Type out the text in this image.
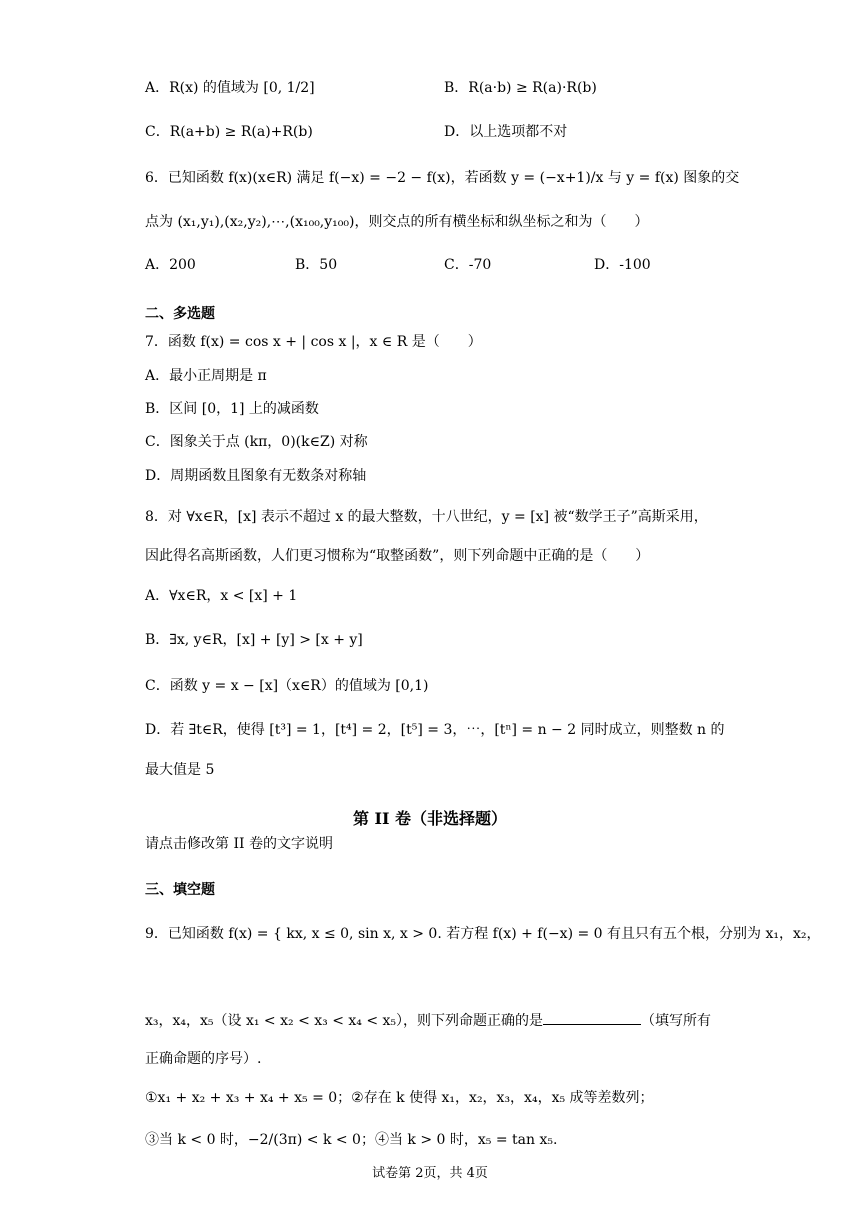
A．R(x) 的值域为 [0, 1/2]	B．R(a·b) ≥ R(a)·R(b)
C．R(a+b) ≥ R(a)+R(b)	D．以上选项都不对
6．已知函数 f(x)(x∈R) 满足 f(−x) = −2 − f(x)，若函数 y = (−x+1)/x 与 y = f(x) 图象的交
点为 (x₁,y₁),(x₂,y₂),⋯,(x₁₀₀,y₁₀₀)，则交点的所有横坐标和纵坐标之和为（　　）
A．200	B．50	C．-70	D．-100
二、多选题
7．函数 f(x) = cos x + | cos x |，x ∈ R 是（　　）
A．最小正周期是 π
B．区间 [0，1] 上的减函数
C．图象关于点 (kπ，0)(k∈Z) 对称
D．周期函数且图象有无数条对称轴
8．对 ∀x∈R，[x] 表示不超过 x 的最大整数，十八世纪，y = [x] 被“数学王子”高斯采用，
因此得名高斯函数，人们更习惯称为“取整函数”，则下列命题中正确的是（　　）
A．∀x∈R，x < [x] + 1
B．∃x, y∈R，[x] + [y] > [x + y]
C．函数 y = x − [x]（x∈R）的值域为 [0,1)
D．若 ∃t∈R，使得 [t³] = 1，[t⁴] = 2，[t⁵] = 3，⋯，[tⁿ] = n − 2 同时成立，则整数 n 的
最大值是 5
第 II 卷（非选择题）
请点击修改第 II 卷的文字说明
三、填空题
9．已知函数 f(x) = { kx, x ≤ 0, sin x, x > 0. 若方程 f(x) + f(−x) = 0 有且只有五个根，分别为 x₁，x₂，
x₃，x₄，x₅（设 x₁ < x₂ < x₃ < x₄ < x₅），则下列命题正确的是	（填写所有
正确命题的序号）.
①x₁ + x₂ + x₃ + x₄ + x₅ = 0；②存在 k 使得 x₁，x₂，x₃，x₄，x₅ 成等差数列；
③当 k < 0 时，−2/(3π) < k < 0；④当 k > 0 时，x₅ = tan x₅.
试卷第 2页，共 4页
